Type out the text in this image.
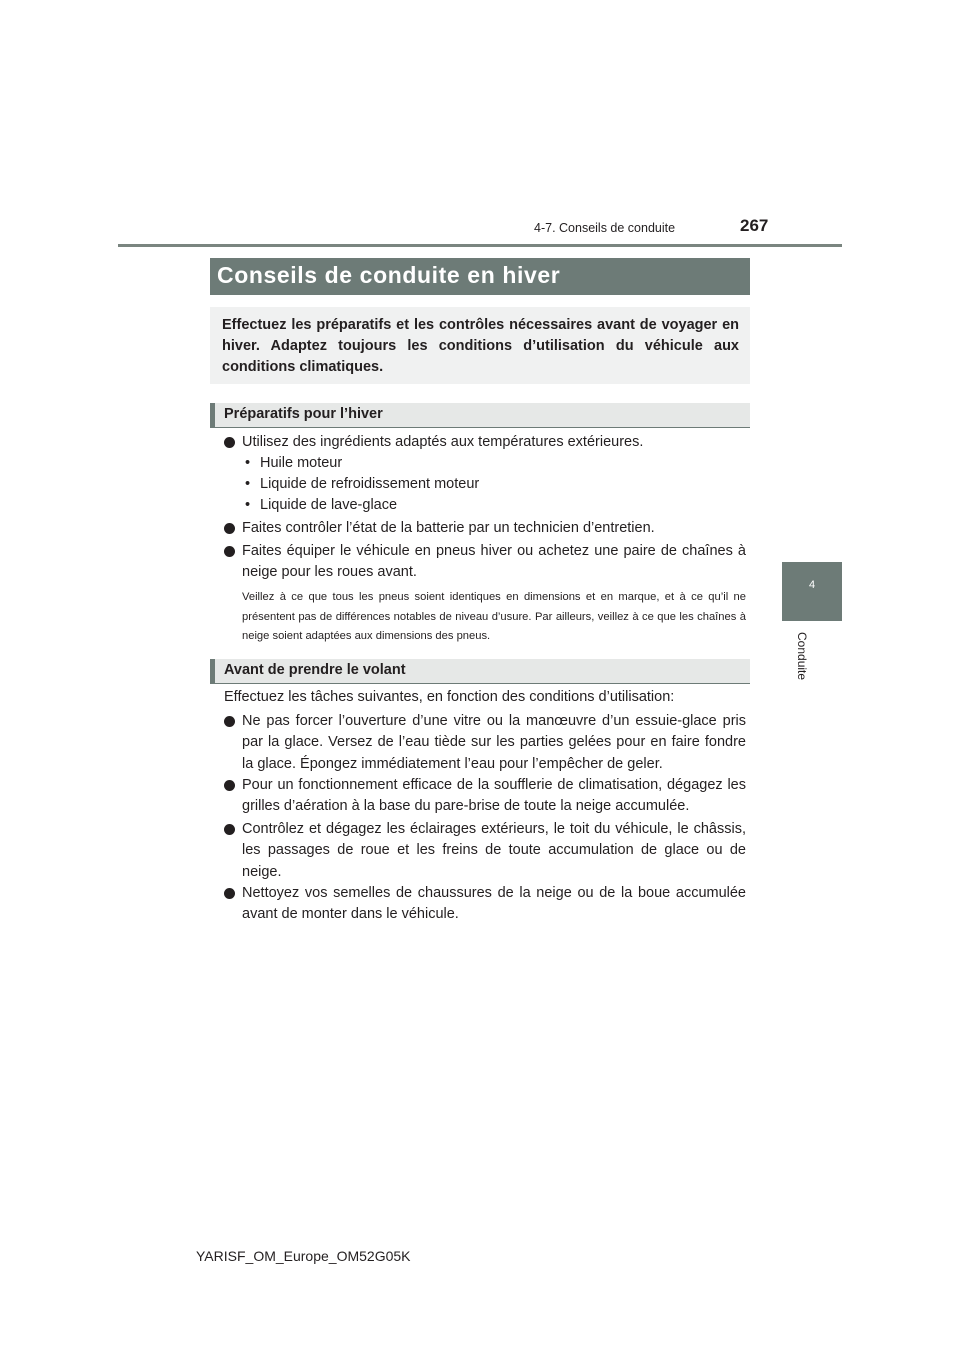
4-7. Conseils de conduite	267
4
Conduite
Conseils de conduite en hiver
Effectuez les préparatifs et les contrôles nécessaires avant de voyager en hiver. Adaptez toujours les conditions d’utilisation du véhicule aux conditions climatiques.
Préparatifs pour l’hiver
Utilisez des ingrédients adaptés aux températures extérieures.
• Huile moteur
• Liquide de refroidissement moteur
• Liquide de lave-glace
Faites contrôler l’état de la batterie par un technicien d’entretien.
Faites équiper le véhicule en pneus hiver ou achetez une paire de chaînes à neige pour les roues avant.
Veillez à ce que tous les pneus soient identiques en dimensions et en marque, et à ce qu’il ne présentent pas de différences notables de niveau d’usure. Par ailleurs, veillez à ce que les chaînes à neige soient adaptées aux dimensions des pneus.
Avant de prendre le volant
Effectuez les tâches suivantes, en fonction des conditions d’utilisation:
Ne pas forcer l’ouverture d’une vitre ou la manœuvre d’un essuie-glace pris par la glace. Versez de l’eau tiède sur les parties gelées pour en faire fondre la glace. Épongez immédiatement l’eau pour l’empêcher de geler.
Pour un fonctionnement efficace de la soufflerie de climatisation, dégagez les grilles d’aération à la base du pare-brise de toute la neige accumulée.
Contrôlez et dégagez les éclairages extérieurs, le toit du véhicule, le châssis, les passages de roue et les freins de toute accumulation de glace ou de neige.
Nettoyez vos semelles de chaussures de la neige ou de la boue accumulée avant de monter dans le véhicule.
YARISF_OM_Europe_OM52G05K
